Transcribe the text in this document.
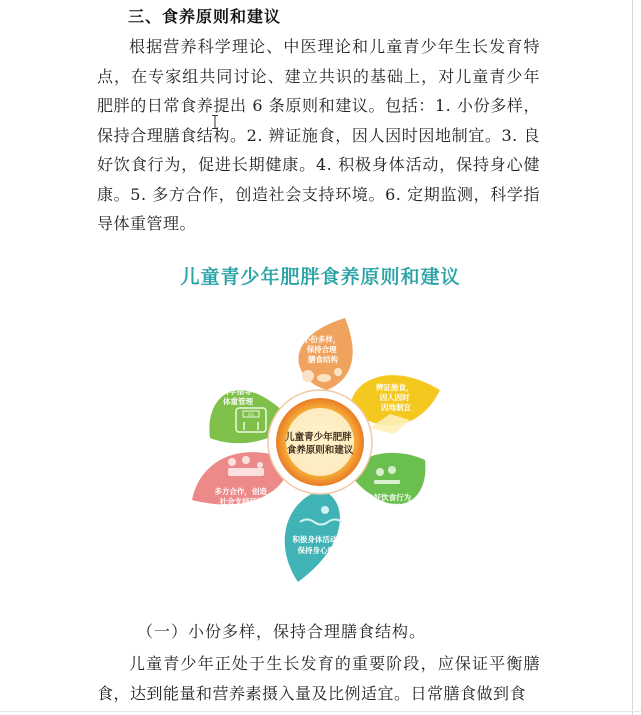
三、食养原则和建议
根据营养科学理论、中医理论和儿童青少年生长发育特点，在专家组共同讨论、建立共识的基础上，对儿童青少年肥胖的日常食养提出 6 条原则和建议。包括：1. 小份多样，保持合理膳食结构。2. 辨证施食，因人因时因地制宜。3. 良好饮食行为，促进长期健康。4. 积极身体活动，保持身心健康。5. 多方合作，创造社会支持环境。6. 定期监测，科学指导体重管理。
儿童青少年肥胖食养原则和建议
小份多样， 保持合理 膳食结构
辨证施食， 因人因时 因地制宜
良好饮食行为 促进长期健康
积极身体活动， 保持身心健康
多方合作，创造 社会支持环境
定期监测， 科学指导 体重管理
KG
儿童青少年肥胖 食养原则和建议
（一）小份多样，保持合理膳食结构。
儿童青少年正处于生长发育的重要阶段，应保证平衡膳食，达到能量和营养素摄入量及比例适宜。日常膳食做到食
